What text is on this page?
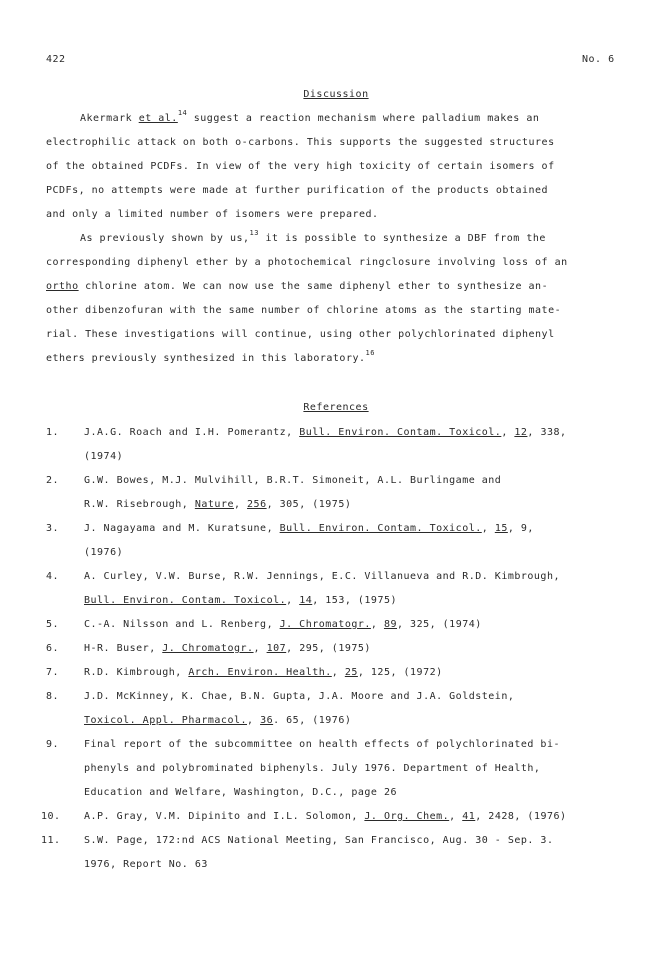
422	No. 6
Discussion
Akermark et al.$^{14}$ suggest a reaction mechanism where palladium makes an
electrophilic attack on both o-carbons. This supports the suggested structures
of the obtained PCDFs. In view of the very high toxicity of certain isomers of
PCDFs, no attempts were made at further purification of the products obtained
and only a limited number of isomers were prepared.
As previously shown by us,$^{13}$ it is possible to synthesize a DBF from the
corresponding diphenyl ether by a photochemical ringclosure involving loss of an
ortho chlorine atom. We can now use the same diphenyl ether to synthesize an-
other dibenzofuran with the same number of chlorine atoms as the starting mate-
rial. These investigations will continue, using other polychlorinated diphenyl
ethers previously synthesized in this laboratory.$^{16}$
References
1. J.A.G. Roach and I.H. Pomerantz, Bull. Environ. Contam. Toxicol., 12, 338,
(1974)
2. G.W. Bowes, M.J. Mulvihill, B.R.T. Simoneit, A.L. Burlingame and
R.W. Risebrough, Nature, 256, 305, (1975)
3. J. Nagayama and M. Kuratsune, Bull. Environ. Contam. Toxicol., 15, 9,
(1976)
4. A. Curley, V.W. Burse, R.W. Jennings, E.C. Villanueva and R.D. Kimbrough,
Bull. Environ. Contam. Toxicol., 14, 153, (1975)
5. C.-A. Nilsson and L. Renberg, J. Chromatogr., 89, 325, (1974)
6. H-R. Buser, J. Chromatogr., 107, 295, (1975)
7. R.D. Kimbrough, Arch. Environ. Health., 25, 125, (1972)
8. J.D. McKinney, K. Chae, B.N. Gupta, J.A. Moore and J.A. Goldstein,
Toxicol. Appl. Pharmacol., 36. 65, (1976)
9. Final report of the subcommittee on health effects of polychlorinated bi-
phenyls and polybrominated biphenyls. July 1976. Department of Health,
Education and Welfare, Washington, D.C., page 26
10. A.P. Gray, V.M. Dipinito and I.L. Solomon, J. Org. Chem., 41, 2428, (1976)
11. S.W. Page, 172:nd ACS National Meeting, San Francisco, Aug. 30 - Sep. 3.
1976, Report No. 63
